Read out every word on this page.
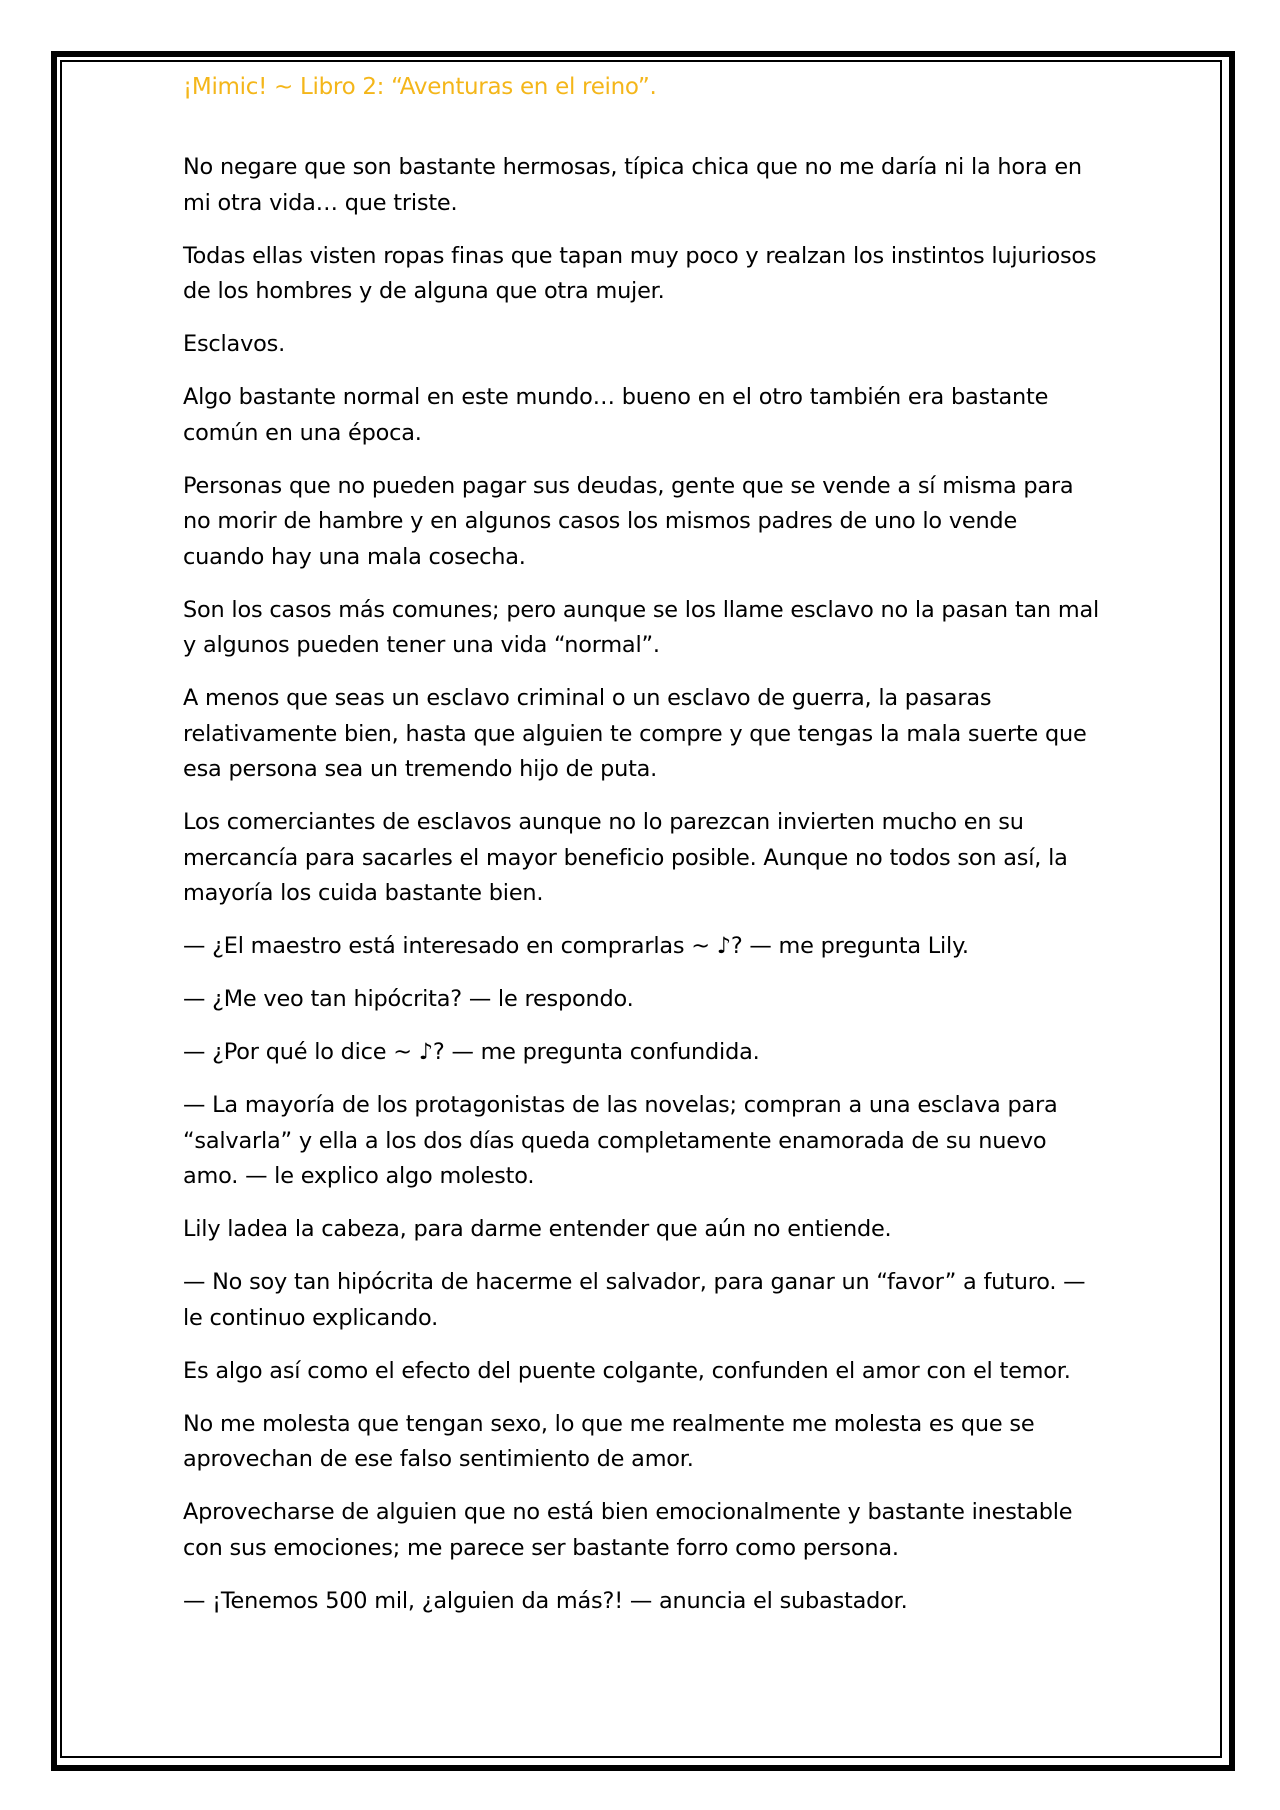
¡Mimic! ~ Libro 2: “Aventuras en el reino”.

No negare que son bastante hermosas, típica chica que no me daría ni la hora en mi otra vida… que triste.

Todas ellas visten ropas finas que tapan muy poco y realzan los instintos lujuriosos de los hombres y de alguna que otra mujer.

Esclavos.

Algo bastante normal en este mundo… bueno en el otro también era bastante común en una época.

Personas que no pueden pagar sus deudas, gente que se vende a sí misma para no morir de hambre y en algunos casos los mismos padres de uno lo vende cuando hay una mala cosecha.

Son los casos más comunes; pero aunque se los llame esclavo no la pasan tan mal y algunos pueden tener una vida “normal”.

A menos que seas un esclavo criminal o un esclavo de guerra, la pasaras relativamente bien, hasta que alguien te compre y que tengas la mala suerte que esa persona sea un tremendo hijo de puta.

Los comerciantes de esclavos aunque no lo parezcan invierten mucho en su mercancía para sacarles el mayor beneficio posible. Aunque no todos son así, la mayoría los cuida bastante bien.

— ¿El maestro está interesado en comprarlas ~ ♪? — me pregunta Lily.

— ¿Me veo tan hipócrita? — le respondo.

— ¿Por qué lo dice ~ ♪? — me pregunta confundida.

— La mayoría de los protagonistas de las novelas; compran a una esclava para “salvarla” y ella a los dos días queda completamente enamorada de su nuevo amo. — le explico algo molesto.

Lily ladea la cabeza, para darme entender que aún no entiende.

— No soy tan hipócrita de hacerme el salvador, para ganar un “favor” a futuro. — le continuo explicando.

Es algo así como el efecto del puente colgante, confunden el amor con el temor.

No me molesta que tengan sexo, lo que me realmente me molesta es que se aprovechan de ese falso sentimiento de amor.

Aprovecharse de alguien que no está bien emocionalmente y bastante inestable con sus emociones; me parece ser bastante forro como persona.

— ¡Tenemos 500 mil, ¿alguien da más?! — anuncia el subastador.
